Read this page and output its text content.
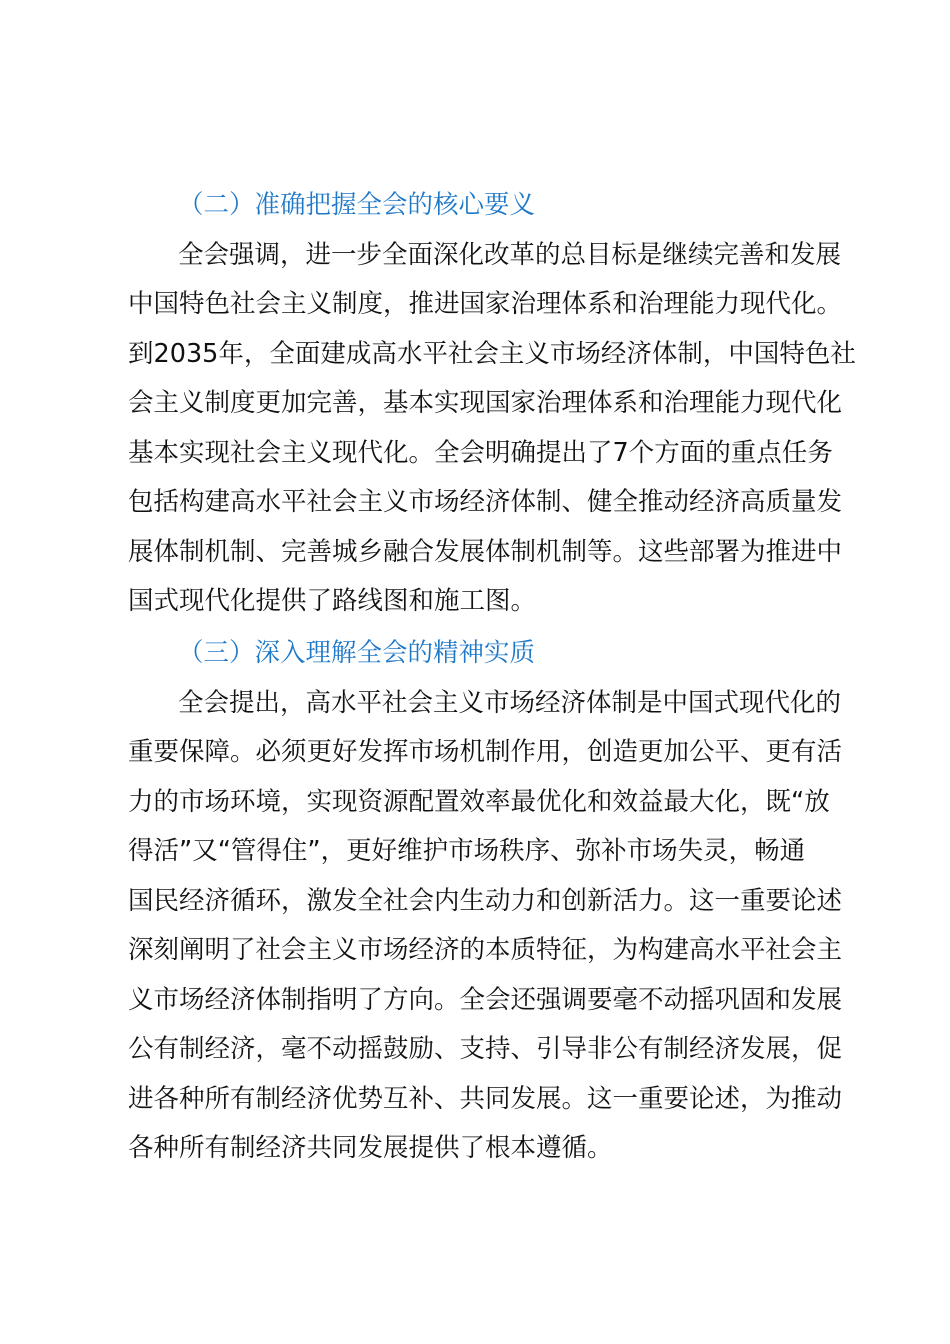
（二）准确把握全会的核心要义
全会强调，进一步全面深化改革的总目标是继续完善和发展
中国特色社会主义制度，推进国家治理体系和治理能力现代化。
到2035年，全面建成高水平社会主义市场经济体制，中国特色社
会主义制度更加完善，基本实现国家治理体系和治理能力现代化
基本实现社会主义现代化。全会明确提出了7个方面的重点任务
包括构建高水平社会主义市场经济体制、健全推动经济高质量发
展体制机制、完善城乡融合发展体制机制等。这些部署为推进中
国式现代化提供了路线图和施工图。
（三）深入理解全会的精神实质
全会提出，高水平社会主义市场经济体制是中国式现代化的
重要保障。必须更好发挥市场机制作用，创造更加公平、更有活
力的市场环境，实现资源配置效率最优化和效益最大化，既“放
得活”又“管得住”，更好维护市场秩序、弥补市场失灵，畅通
国民经济循环，激发全社会内生动力和创新活力。这一重要论述
深刻阐明了社会主义市场经济的本质特征，为构建高水平社会主
义市场经济体制指明了方向。全会还强调要毫不动摇巩固和发展
公有制经济，毫不动摇鼓励、支持、引导非公有制经济发展，促
进各种所有制经济优势互补、共同发展。这一重要论述，为推动
各种所有制经济共同发展提供了根本遵循。
